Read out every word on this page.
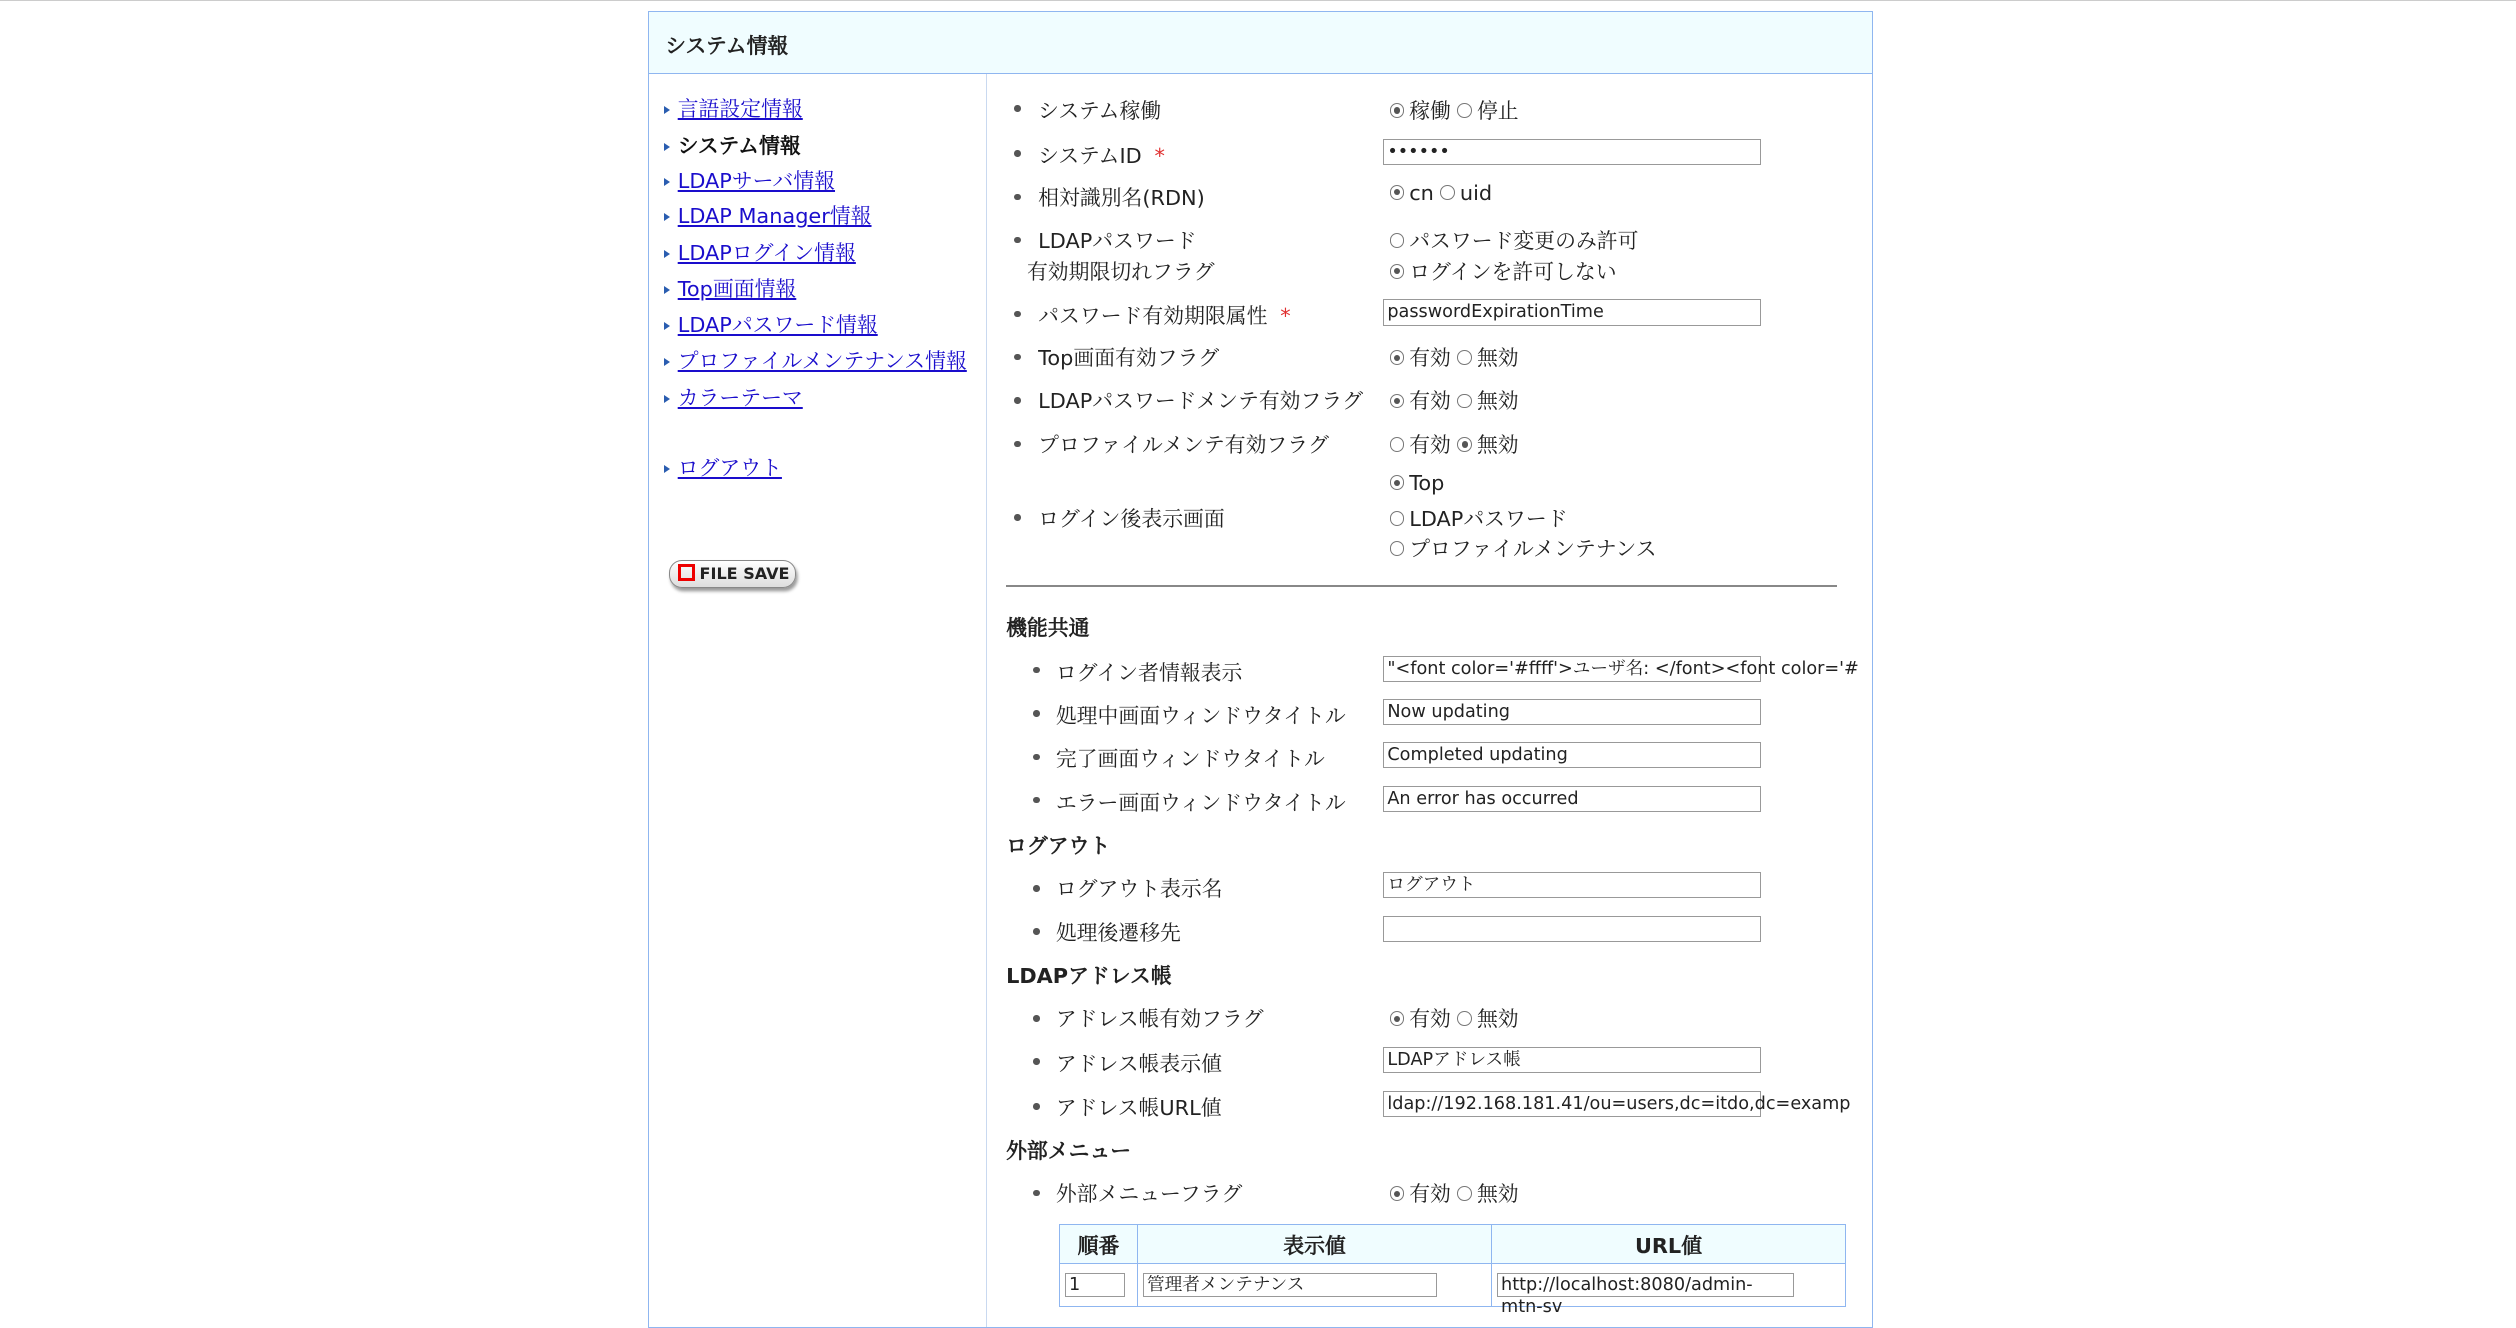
システム情報
言語設定情報
システム情報
LDAPサーバ情報
LDAP Manager情報
LDAPログイン情報
Top画面情報
LDAPパスワード情報
プロファイルメンテナンス情報
カラーテーマ
ログアウト
FILE SAVE
システム稼働	稼働 停止
システムID *	••••••
相対識別名(RDN)	cn uid
LDAPパスワード
有効期限切れフラグ
パスワード変更のみ許可
ログインを許可しない
パスワード有効期限属性 *	passwordExpirationTime
Top画面有効フラグ	有効 無効
LDAPパスワードメンテ有効フラグ	有効 無効
プロファイルメンテ有効フラグ	有効 無効
ログイン後表示画面
Top
LDAPパスワード
プロファイルメンテナンス
機能共通
ログイン者情報表示	"<font color='#ffff'>ユーザ名: </font><font color='#
処理中画面ウィンドウタイトル	Now updating
完了画面ウィンドウタイトル	Completed updating
エラー画面ウィンドウタイトル	An error has occurred
ログアウト
ログアウト表示名	ログアウト
処理後遷移先
LDAPアドレス帳
アドレス帳有効フラグ	有効 無効
アドレス帳表示値	LDAPアドレス帳
アドレス帳URL値	ldap://192.168.181.41/ou=users,dc=itdo,dc=examp
外部メニュー
外部メニューフラグ	有効 無効
順番	表示値	URL値

1	管理者メンテナンス	http://localhost:8080/admin-mtn-sv
